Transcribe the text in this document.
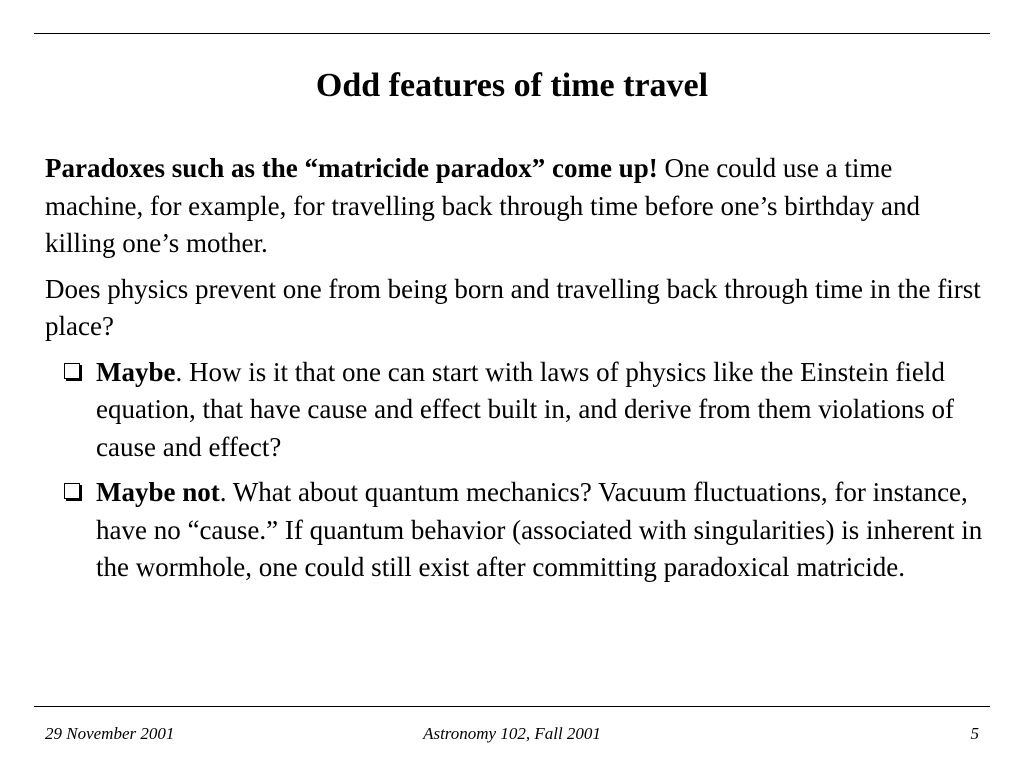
Odd features of time travel

Paradoxes such as the “matricide paradox” come up! One could use a time machine, for example, for travelling back through time before one’s birthday and killing one’s mother.

Does physics prevent one from being born and travelling back through time in the first place?

Maybe. How is it that one can start with laws of physics like the Einstein field equation, that have cause and effect built in, and derive from them violations of cause and effect?
Maybe not. What about quantum mechanics? Vacuum fluctuations, for instance, have no “cause.” If quantum behavior (associated with singularities) is inherent in the wormhole, one could still exist after committing paradoxical matricide.
29 November 2001	Astronomy 102, Fall 2001	5
